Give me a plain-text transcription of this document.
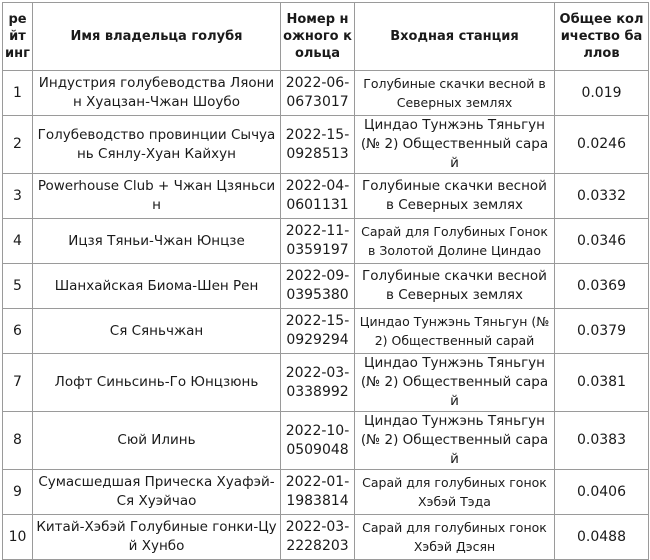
рейтинг	Имя владельца голубя	Номер ножного кольца	Входная станция	Общее количество баллов
1	Индустрия голубеводства Ляонин Хуацзан-Чжан Шоубо	2022-06-0673017	Голубиные скачки весной в Северных землях	0.019
2	Голубеводство провинции Сычуань Сянлу-Хуан Кайхун	2022-15-0928513	Циндао Тунжэнь Тяньгун (№ 2) Общественный сарай	0.0246
3	Powerhouse Club + Чжан Цзяньсин	2022-04-0601131	Голубиные скачки весной в Северных землях	0.0332
4	Ицзя Тяньи-Чжан Юнцзе	2022-11-0359197	Сарай для Голубиных Гонок в Золотой Долине Циндао	0.0346
5	Шанхайская Биома-Шен Рен	2022-09-0395380	Голубиные скачки весной в Северных землях	0.0369
6	Ся Сяньчжан	2022-15-0929294	Циндао Тунжэнь Тяньгун (№ 2) Общественный сарай	0.0379
7	Лофт Синьсинь-Го Юнцзюнь	2022-03-0338992	Циндао Тунжэнь Тяньгун (№ 2) Общественный сарай	0.0381
8	Сюй Илинь	2022-10-0509048	Циндао Тунжэнь Тяньгун (№ 2) Общественный сарай	0.0383
9	Сумасшедшая Прическа Хуафэй-Ся Хуэйчао	2022-01-1983814	Сарай для голубиных гонок Хэбэй Тэда	0.0406
10	Китай-Хэбэй Голубиные гонки-Цуй Хунбо	2022-03-2228203	Сарай для голубиных гонок Хэбэй Дэсян	0.0488
